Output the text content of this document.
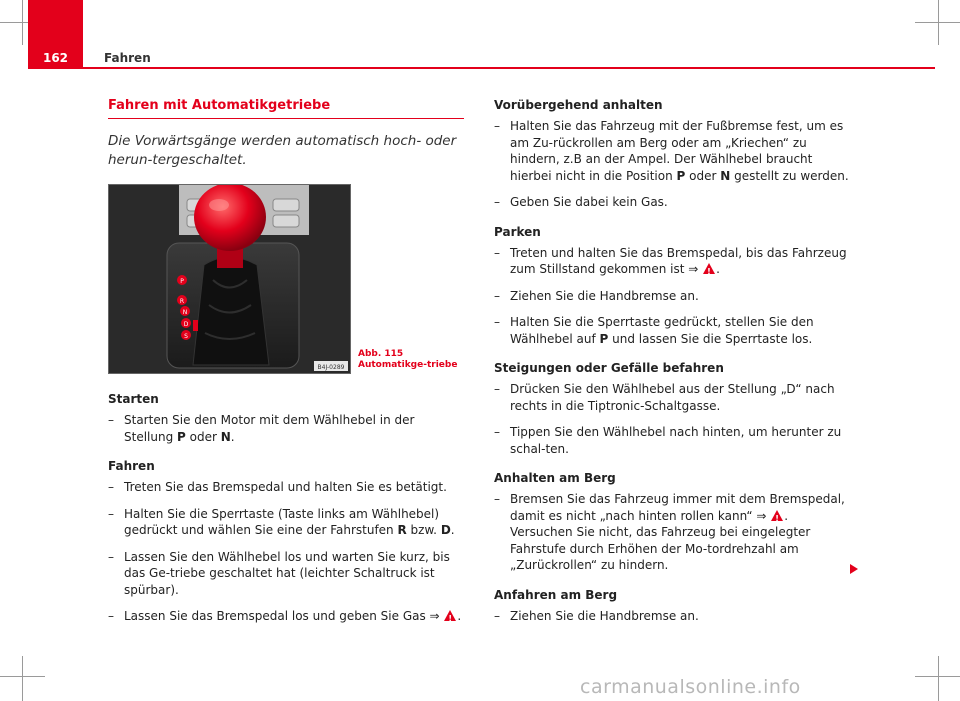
162	Fahren
Fahren mit Automatikgetriebe
Die Vorwärtsgänge werden automatisch hoch- oder herun-tergeschaltet.
P
R
N
D
S
B4J-0289
Abb. 115 Automatikge-triebe
Starten
– Starten Sie den Motor mit dem Wählhebel in der Stellung P oder N.
Fahren
– Treten Sie das Bremspedal und halten Sie es betätigt.
– Halten Sie die Sperrtaste (Taste links am Wählhebel) gedrückt und wählen Sie eine der Fahrstufen R bzw. D.
– Lassen Sie den Wählhebel los und warten Sie kurz, bis das Ge-triebe geschaltet hat (leichter Schaltruck ist spürbar).
– Lassen Sie das Bremspedal los und geben Sie Gas ⇒ !.
Vorübergehend anhalten
– Halten Sie das Fahrzeug mit der Fußbremse fest, um es am Zu-rückrollen am Berg oder am „Kriechen“ zu hindern, z.B an der Ampel. Der Wählhebel braucht hierbei nicht in die Position P oder N gestellt zu werden.
– Geben Sie dabei kein Gas.
Parken
– Treten und halten Sie das Bremspedal, bis das Fahrzeug zum Stillstand gekommen ist ⇒ !.
– Ziehen Sie die Handbremse an.
– Halten Sie die Sperrtaste gedrückt, stellen Sie den Wählhebel auf P und lassen Sie die Sperrtaste los.
Steigungen oder Gefälle befahren
– Drücken Sie den Wählhebel aus der Stellung „D“ nach rechts in die Tiptronic-Schaltgasse.
– Tippen Sie den Wählhebel nach hinten, um herunter zu schal-ten.
Anhalten am Berg
– Bremsen Sie das Fahrzeug immer mit dem Bremspedal, damit es nicht „nach hinten rollen kann“ ⇒ !. Versuchen Sie nicht, das Fahrzeug bei eingelegter Fahrstufe durch Erhöhen der Mo-tordrehzahl am „Zurückrollen“ zu hindern.
Anfahren am Berg
– Ziehen Sie die Handbremse an.
carmanualsonline.info
